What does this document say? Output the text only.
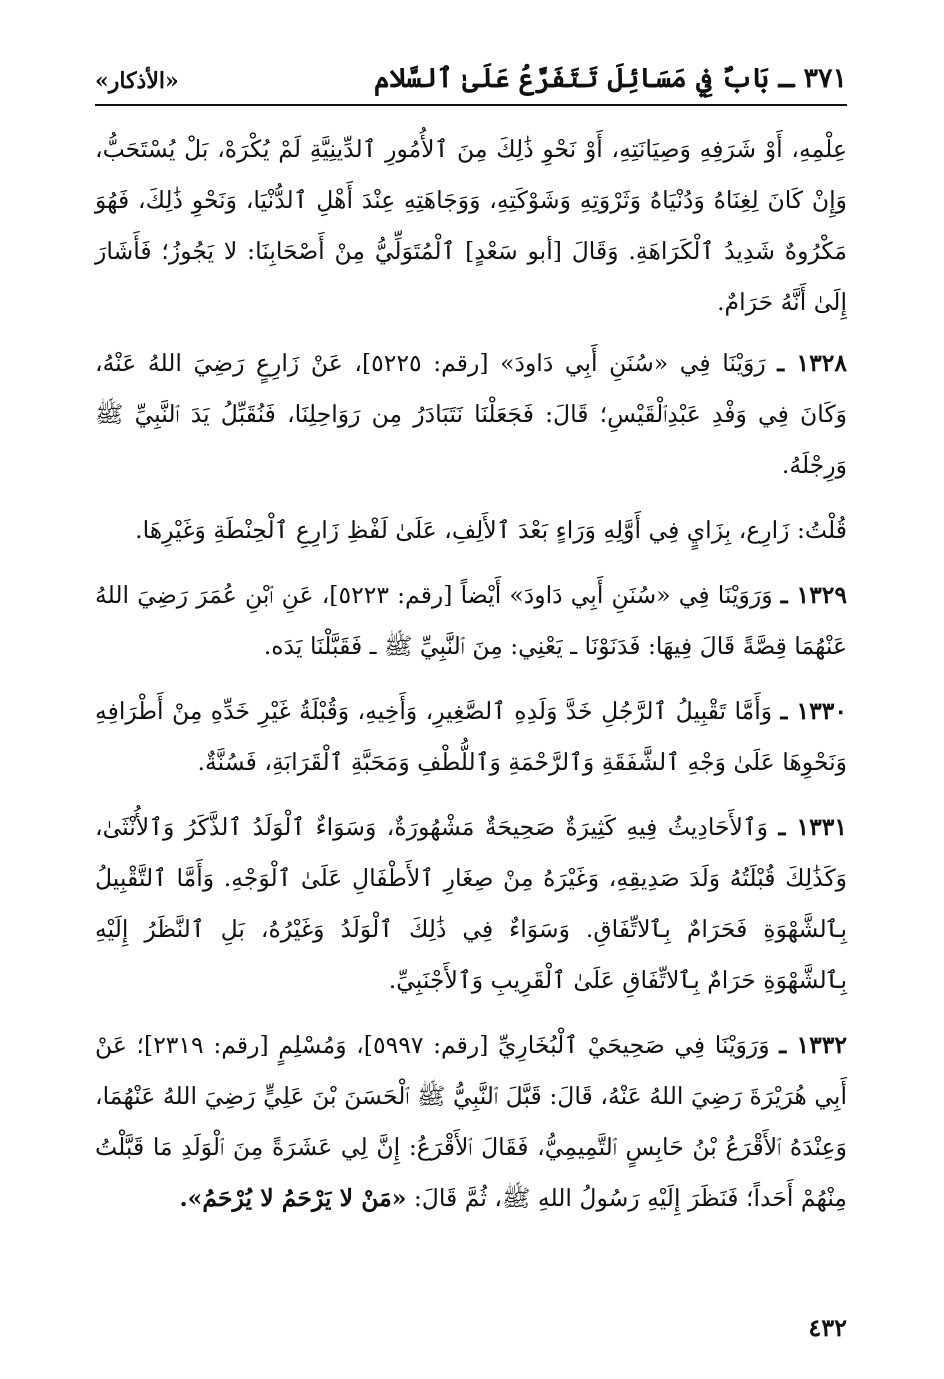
٣٧١ ـ بَابٌ فِي مَسَائِلَ تَتَفَرَّعُ عَلَىٰ ٱلسَّلام
«الأذكار»

عِلْمِهِ، أَوْ شَرَفِهِ وَصِيَانَتِهِ، أَوْ نَحْوِ ذَٰلِكَ مِنَ ٱلأُمُورِ ٱلدِّينِيَّةِ لَمْ يُكْرَهْ، بَلْ يُسْتَحَبُّ، وَإِنْ كَانَ لِغِنَاهُ وَدُنْيَاهُ وَثَرْوَتِهِ وَشَوْكَتِهِ، وَوَجَاهَتِهِ عِنْدَ أَهْلِ ٱلدُّنْيَا، وَنَحْوِ ذَٰلِكَ، فَهُوَ مَكْرُوهٌ شَدِيدُ ٱلْكَرَاهَةِ. وَقَالَ [أبو سَعْدٍ] ٱلْمُتَوَلِّيُّ مِنْ أَصْحَابِنَا: لا يَجُوزُ؛ فَأَشَارَ إِلَىٰ أَنَّهُ حَرَامٌ.

١٣٢٨ ـ رَوَيْنَا فِي «سُنَنِ أَبِي دَاودَ» [رقم: ٥٢٢٥]، عَنْ زَارِعٍ رَضِيَ اللهُ عَنْهُ، وَكَانَ فِي وَفْدِ عَبْدِٱلْقَيْسِ؛ قَالَ: فَجَعَلْنَا نَتَبَادَرُ مِن رَوَاحِلِنَا، فَنُقَبِّلُ يَدَ ٱلنَّبِيِّ ﷺ وَرِجْلَهُ.

قُلْتُ: زَارِع، بِزَايٍ فِي أَوَّلِهِ وَرَاءٍ بَعْدَ ٱلأَلِفِ، عَلَىٰ لَفْظِ زَارِعِ ٱلْحِنْطَةِ وَغَيْرِهَا.

١٣٢٩ ـ وَرَوَيْنَا فِي «سُنَنِ أَبِي دَاودَ» أَيْضاً [رقم: ٥٢٢٣]، عَنِ ٱبْنِ عُمَرَ رَضِيَ اللهُ عَنْهُمَا قِصَّةً قَالَ فِيهَا: فَدَنَوْنَا ـ يَعْنِي: مِنَ ٱلنَّبِيِّ ﷺ ـ فَقَبَّلْنَا يَدَه.

١٣٣٠ ـ وَأَمَّا تَقْبِيلُ ٱلرَّجُلِ خَدَّ وَلَدِهِ ٱلصَّغِيرِ، وَأَخِيهِ، وَقُبْلَةُ غَيْرِ خَدِّهِ مِنْ أَطْرَافِهِ وَنَحْوِهَا عَلَىٰ وَجْهِ ٱلشَّفَقَةِ وَٱلرَّحْمَةِ وَٱللُّطْفِ وَمَحَبَّةِ ٱلْقَرَابَةِ، فَسُنَّةٌ.

١٣٣١ ـ وَٱلأَحَادِيثُ فِيهِ كَثِيرَةٌ صَحِيحَةٌ مَشْهُورَةٌ، وَسَوَاءٌ ٱلْوَلَدُ ٱلذَّكَرُ وَٱلأُنْثَىٰ، وَكَذَٰلِكَ قُبْلَتُهُ وَلَدَ صَدِيقِهِ، وَغَيْرَهُ مِنْ صِغَارِ ٱلأَطْفَالِ عَلَىٰ ٱلْوَجْهِ. وَأَمَّا ٱلتَّقْبِيلُ بِٱلشَّهْوَةِ فَحَرَامٌ بِٱلاتِّفَاقِ. وَسَوَاءٌ فِي ذَٰلِكَ ٱلْوَلَدُ وَغَيْرُهُ، بَلِ ٱلنَّظَرُ إِلَيْهِ بِٱلشَّهْوَةِ حَرَامٌ بِٱلاتِّفَاقِ عَلَىٰ ٱلْقَرِيبِ وَٱلأَجْنَبِيِّ.

١٣٣٢ ـ وَرَوَيْنَا فِي صَحِيحَيْ ٱلْبُخَارِيِّ [رقم: ٥٩٩٧]، وَمُسْلِمٍ [رقم: ٢٣١٩]؛ عَنْ أَبِي هُرَيْرَةَ رَضِيَ اللهُ عَنْهُ، قَالَ: قَبَّلَ ٱلنَّبِيُّ ﷺ ٱلْحَسَنَ بْنَ عَلِيٍّ رَضِيَ اللهُ عَنْهُمَا، وَعِنْدَهُ ٱلأَقْرَعُ بْنُ حَابِسٍ ٱلتَّمِيمِيُّ، فَقَالَ ٱلأَقْرَعُ: إِنَّ لِي عَشَرَةً مِنَ ٱلْوَلَدِ مَا قَبَّلْتُ مِنْهُمْ أَحَداً؛ فَنَظَرَ إِلَيْهِ رَسُولُ اللهِ ﷺ، ثُمَّ قَالَ: «مَنْ لا يَرْحَمُ لا يُرْحَمُ».

٤٣٢
